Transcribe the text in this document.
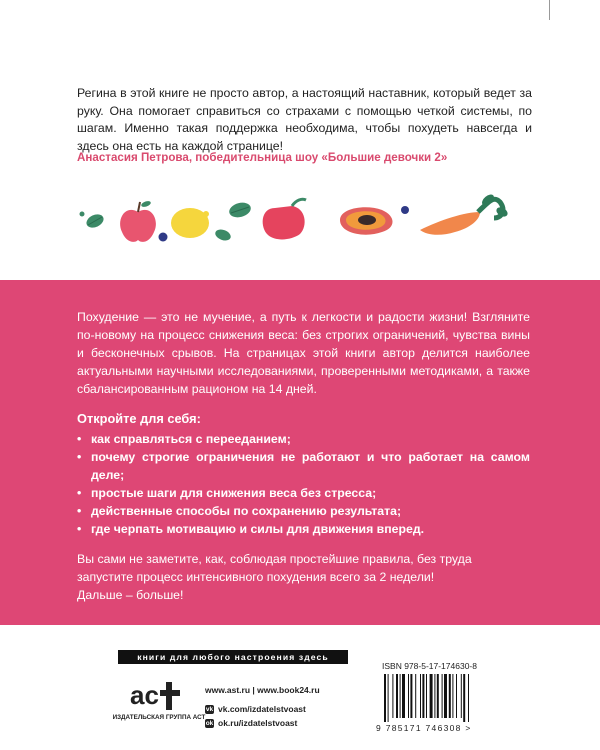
Регина в этой книге не просто автор, а настоящий наставник, который ведет за руку. Она помогает справиться со страхами с помощью четкой системы, по шагам. Именно такая поддержка необходима, чтобы похудеть навсегда и здесь она есть на каждой странице!
Анастасия Петрова, победительница шоу «Большие девочки 2»
Похудение — это не мучение, а путь к легкости и радости жизни! Взгляните по-новому на процесс снижения веса: без строгих ограничений, чувства вины и бесконечных срывов. На страницах этой книги автор делится наиболее актуальными научными исследованиями, проверенными методиками, а также сбалансированным рационом на 14 дней.
Откройте для себя:
• как справляться с перееданием;
• почему строгие ограничения не работают и что работает на самом деле;
• простые шаги для снижения веса без стресса;
• действенные способы по сохранению результата;
• где черпать мотивацию и силы для движения вперед.
Вы сами не заметите, как, соблюдая простейшие правила, без труда запустите процесс интенсивного похудения всего за 2 недели!
Дальше – больше!
книги для любого настроения здесь
ac
ИЗДАТЕЛЬСКАЯ ГРУППА АСТ
www.ast.ru | www.book24.ru
vk vk.com/izdatelstvoast
ok ok.ru/izdatelstvoast
ISBN 978-5-17-174630-8
9 785171 746308 >
